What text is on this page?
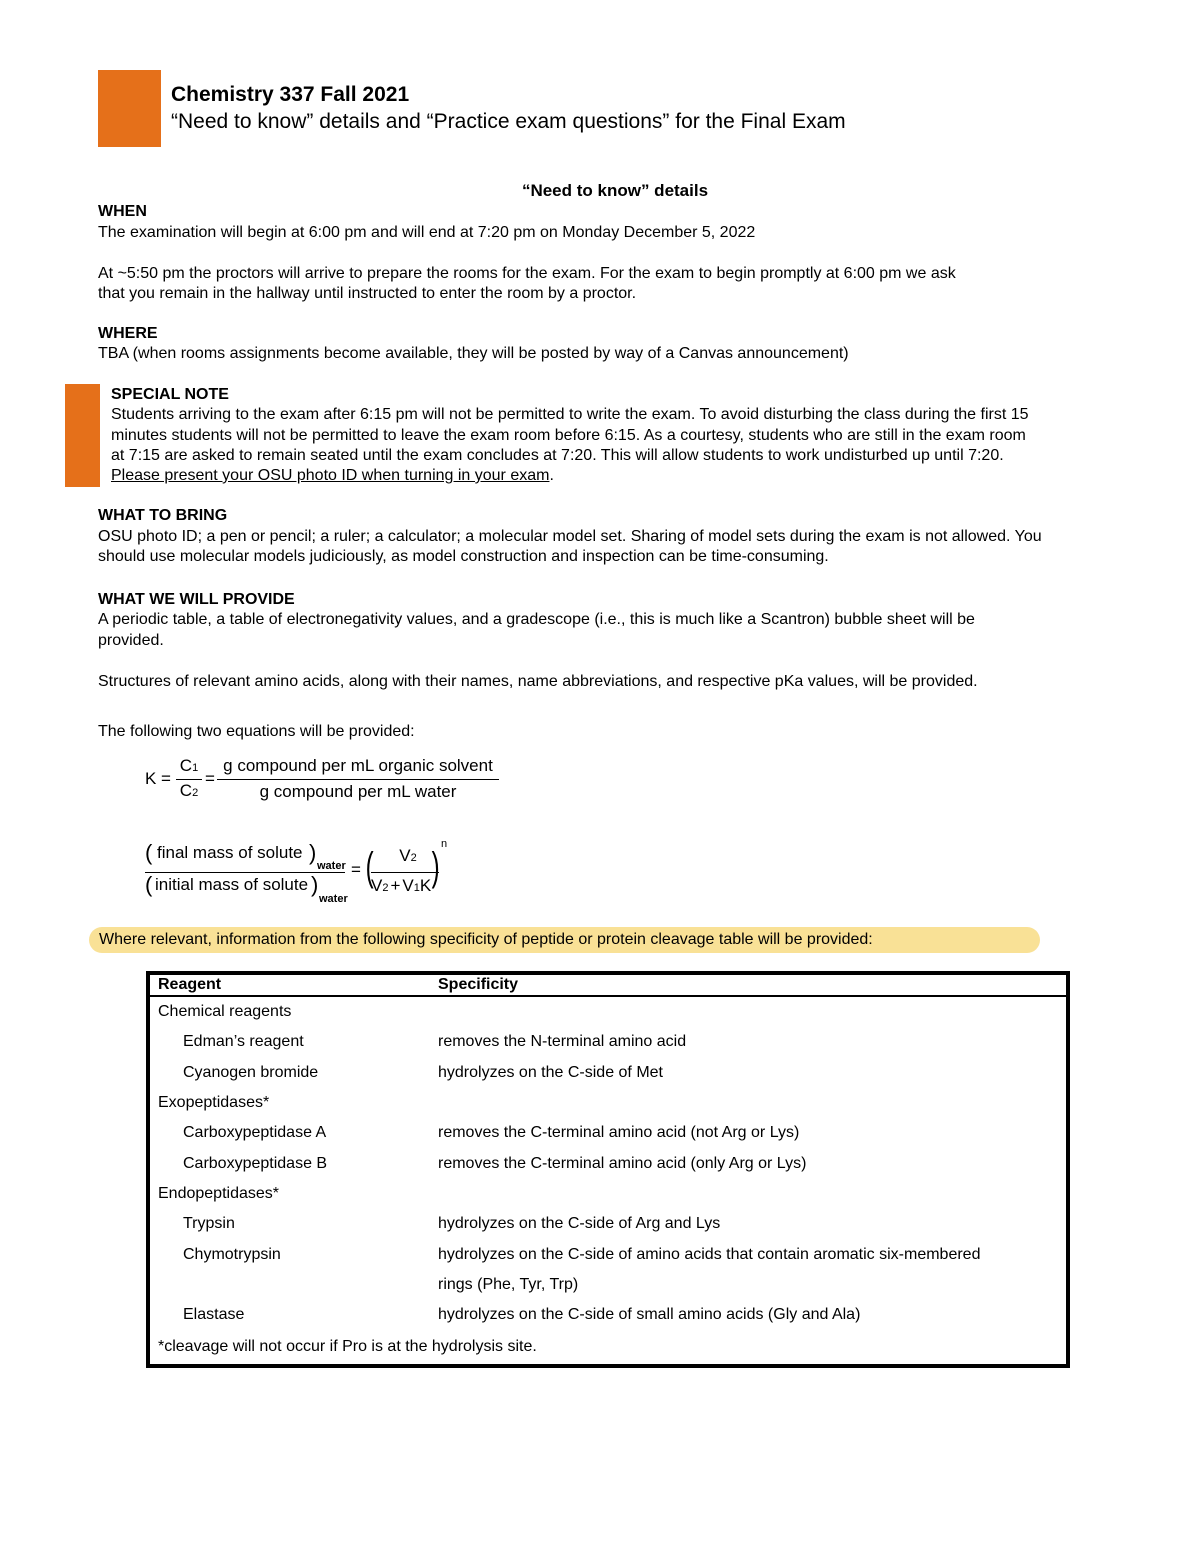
Chemistry 337 Fall 2021
“Need to know” details and “Practice exam questions” for the Final Exam
“Need to know” details
WHEN
The examination will begin at 6:00 pm and will end at 7:20 pm on Monday December 5, 2022
At ~5:50 pm the proctors will arrive to prepare the rooms for the exam. For the exam to begin promptly at 6:00 pm we ask
that you remain in the hallway until instructed to enter the room by a proctor.
WHERE
TBA (when rooms assignments become available, they will be posted by way of a Canvas announcement)
SPECIAL NOTE
Students arriving to the exam after 6:15 pm will not be permitted to write the exam. To avoid disturbing the class during the first 15
minutes students will not be permitted to leave the exam room before 6:15. As a courtesy, students who are still in the exam room
at 7:15 are asked to remain seated until the exam concludes at 7:20. This will allow students to work undisturbed up until 7:20.
Please present your OSU photo ID when turning in your exam.
WHAT TO BRING
OSU photo ID; a pen or pencil; a ruler; a calculator; a molecular model set. Sharing of model sets during the exam is not allowed. You
should use molecular models judiciously, as model construction and inspection can be time-consuming.
WHAT WE WILL PROVIDE
A periodic table, a table of electronegativity values, and a gradescope (i.e., this is much like a Scantron) bubble sheet will be
provided.
Structures of relevant amino acids, along with their names, name abbreviations, and respective pKa values, will be provided.
The following two equations will be provided:
K =
C1
C2
=
g compound per mL organic solvent
g compound per mL water
( final mass of solute )
water
( initial mass of solute )
water
= (	V2
V2 + V1K )
n
Where relevant, information from the following specificity of peptide or protein cleavage table will be provided:
Reagent	Specificity
Chemical reagents	
Edman’s reagent	removes the N-terminal amino acid
Cyanogen bromide	hydrolyzes on the C-side of Met
Exopeptidases*	
Carboxypeptidase A	removes the C-terminal amino acid (not Arg or Lys)
Carboxypeptidase B	removes the C-terminal amino acid (only Arg or Lys)
Endopeptidases*	
Trypsin	hydrolyzes on the C-side of Arg and Lys
Chymotrypsin	hydrolyzes on the C-side of amino acids that contain aromatic six-membered
	rings (Phe, Tyr, Trp)
Elastase	hydrolyzes on the C-side of small amino acids (Gly and Ala)
*cleavage will not occur if Pro is at the hydrolysis site.	
